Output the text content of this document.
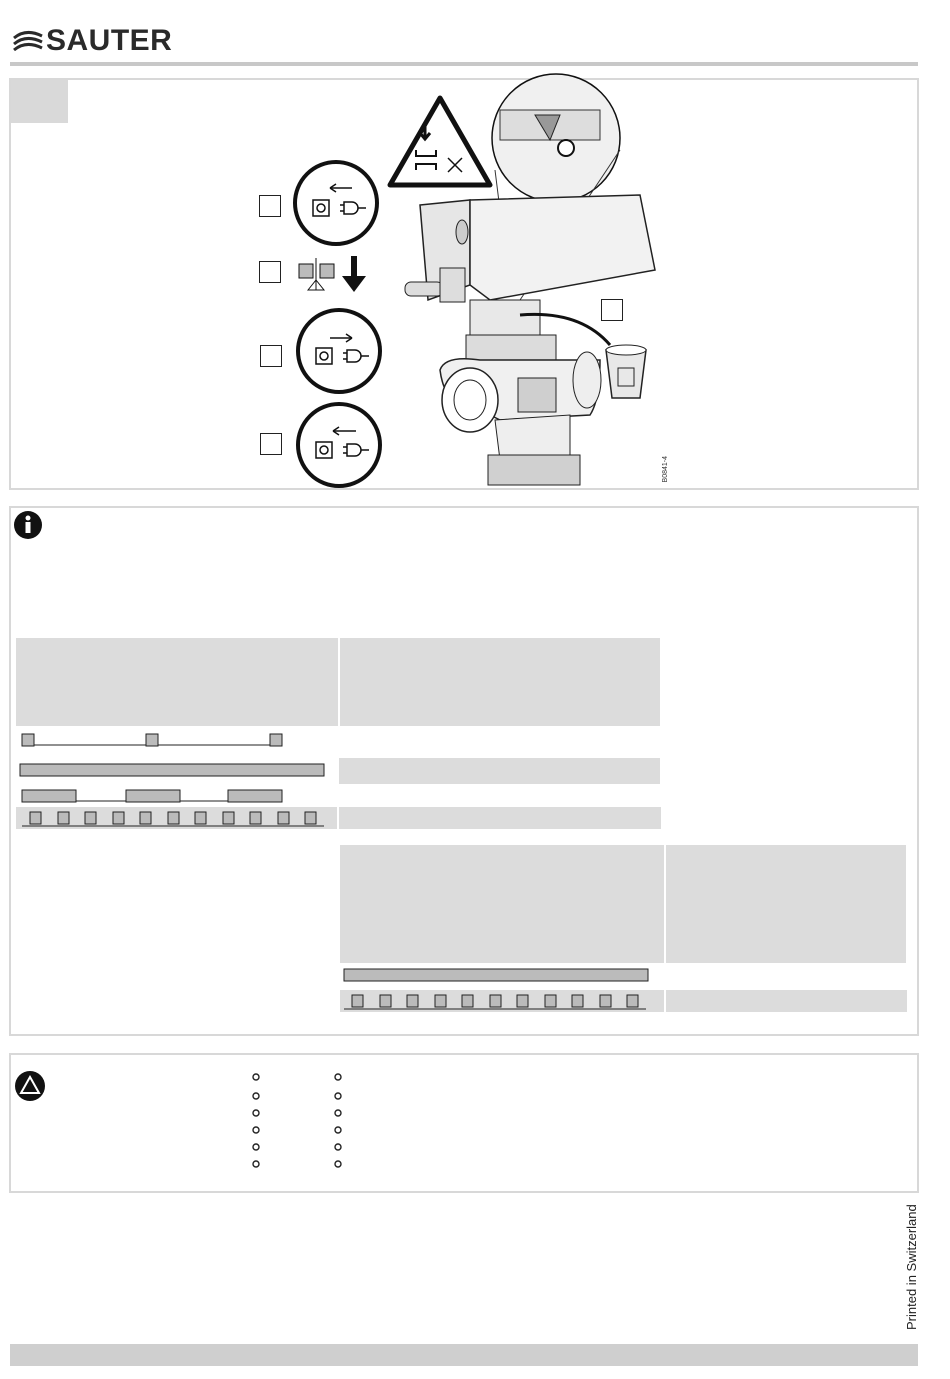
SAUTER
B0841-4
Printed in Switzerland
